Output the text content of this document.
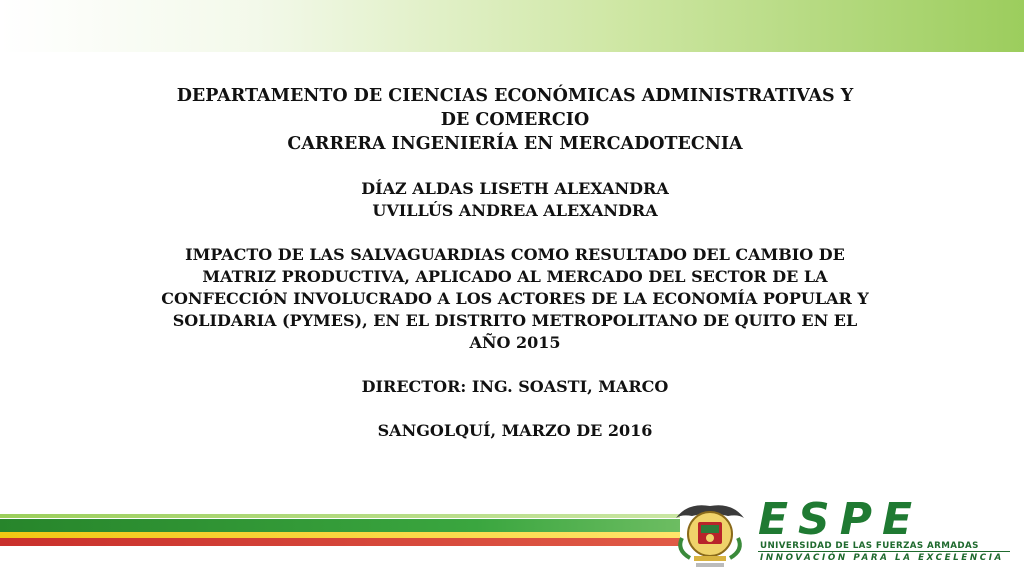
DEPARTAMENTO DE CIENCIAS ECONÓMICAS ADMINISTRATIVAS Y
DE COMERCIO
CARRERA INGENIERÍA EN MERCADOTECNIA
DÍAZ ALDAS LISETH ALEXANDRA
UVILLÚS ANDREA ALEXANDRA
IMPACTO DE LAS SALVAGUARDIAS COMO RESULTADO DEL CAMBIO DE
MATRIZ PRODUCTIVA, APLICADO AL MERCADO DEL SECTOR DE LA
CONFECCIÓN INVOLUCRADO A LOS ACTORES DE LA ECONOMÍA POPULAR Y
SOLIDARIA (PYMES), EN EL DISTRITO METROPOLITANO DE QUITO EN EL
AÑO 2015
DIRECTOR: ING. SOASTI, MARCO
SANGOLQUÍ, MARZO DE 2016
ESPE
UNIVERSIDAD DE LAS FUERZAS ARMADAS
INNOVACIÓN PARA LA EXCELENCIA
